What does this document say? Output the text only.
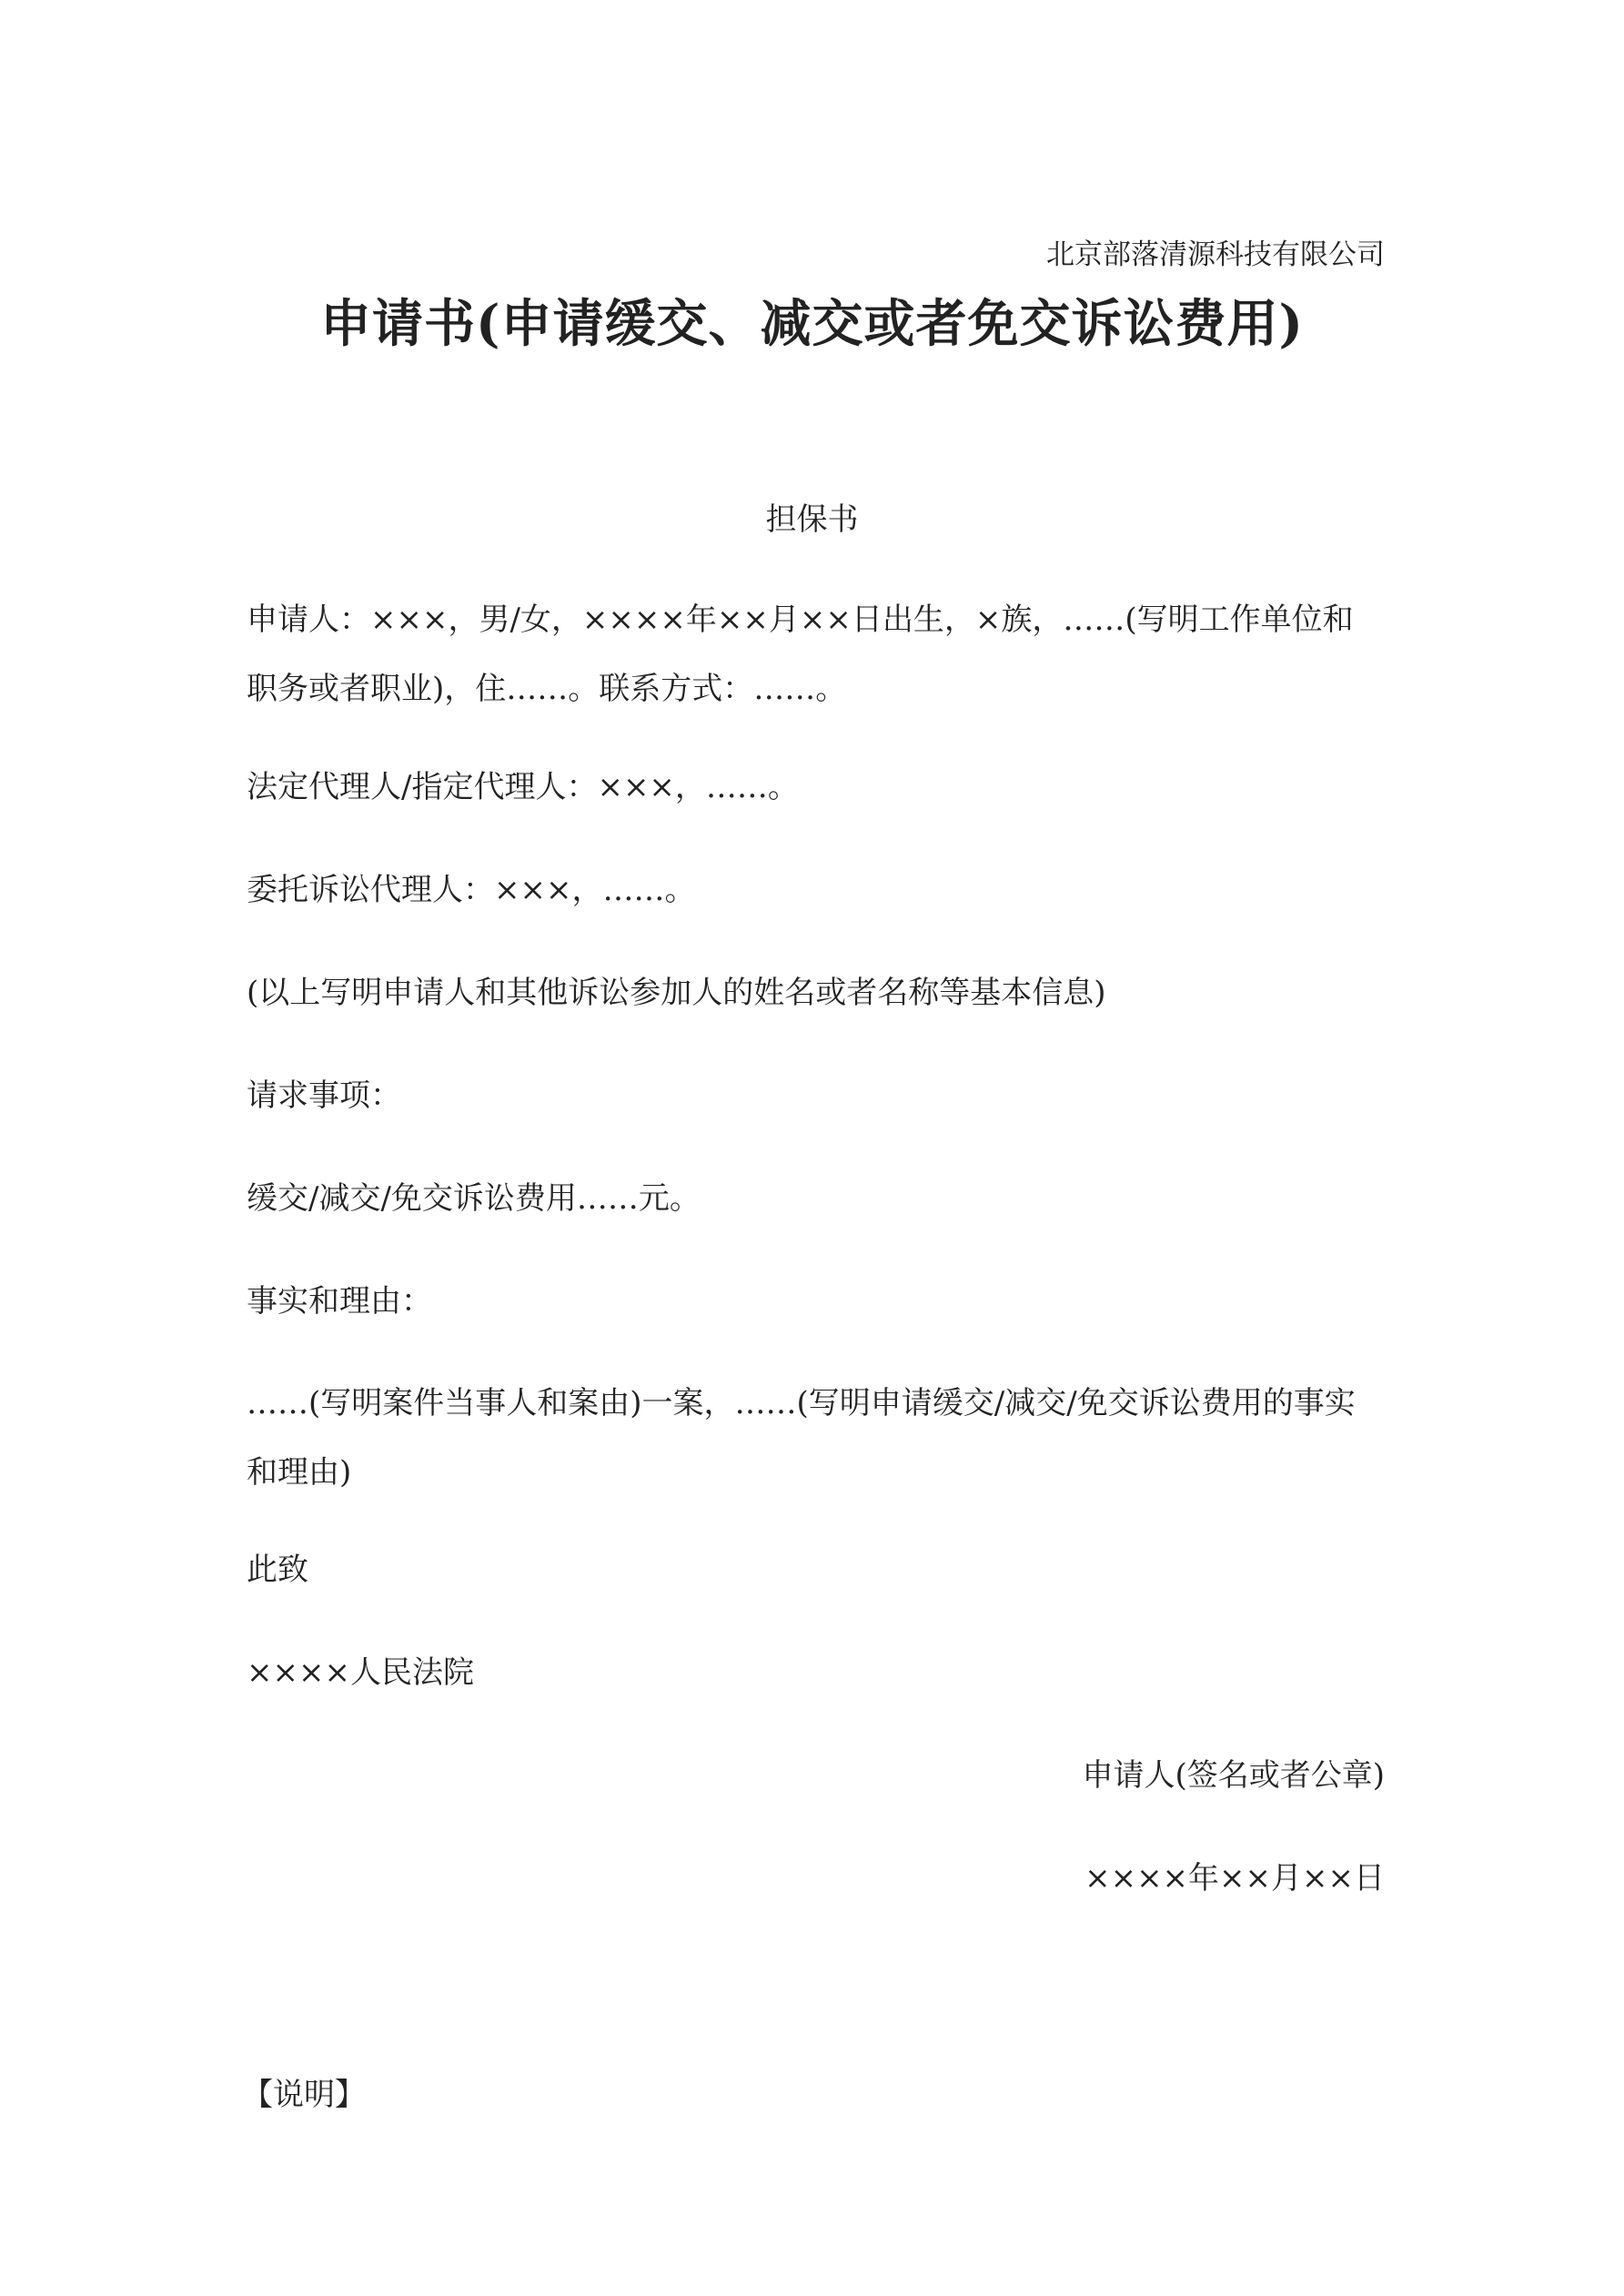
北京部落清源科技有限公司
申请书(申请缓交、减交或者免交诉讼费用)
担保书
申请人：×××，男/女，××××年××月××日出生，×族，……(写明工作单位和职务或者职业)，住……。联系方式：……。
法定代理人/指定代理人：×××，……。
委托诉讼代理人：×××，……。
(以上写明申请人和其他诉讼参加人的姓名或者名称等基本信息)
请求事项：
缓交/减交/免交诉讼费用……元。
事实和理由：
……(写明案件当事人和案由)一案，……(写明申请缓交/减交/免交诉讼费用的事实和理由)
此致
××××人民法院
申请人(签名或者公章)
××××年××月××日
【说明】
